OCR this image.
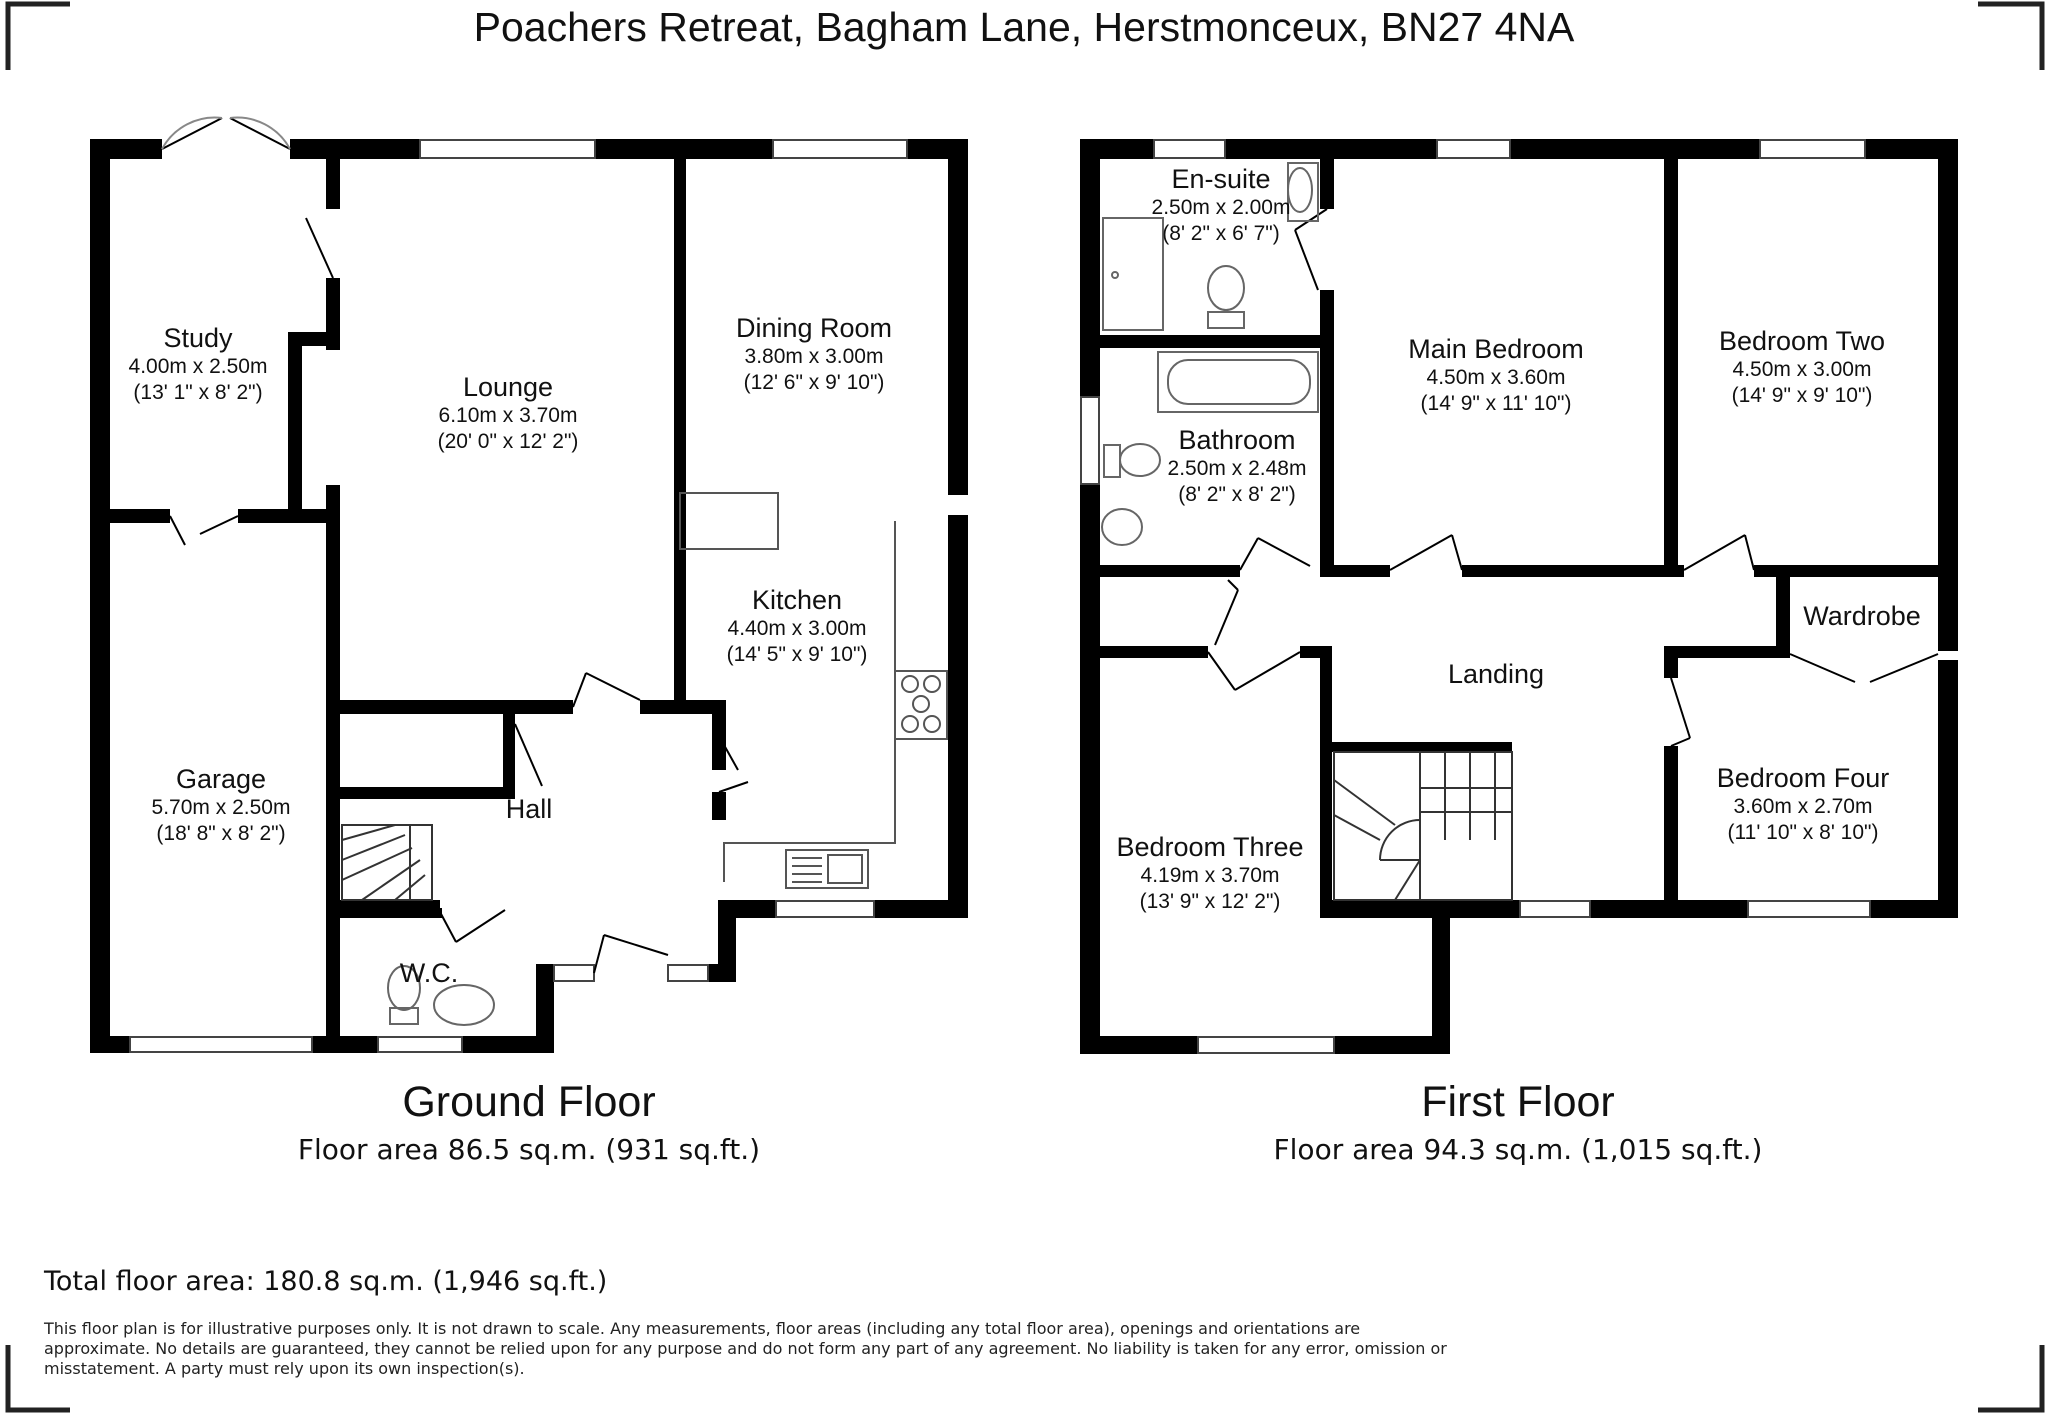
Poachers Retreat, Bagham Lane, Herstmonceux, BN27 4NA
Study
4.00m x 2.50m
(13' 1" x 8' 2")	Lounge
6.10m x 3.70m
(20' 0" x 12' 2")
Dining Room
3.80m x 3.00m
(12' 6" x 9' 10")
Kitchen
4.40m x 3.00m
(14' 5" x 9' 10")
Garage
5.70m x 2.50m
(18' 8" x 8' 2")
Hall
W.C.
En-suite
2.50m x 2.00m
(8' 2" x 6' 7")
Main Bedroom
4.50m x 3.60m
(14' 9" x 11' 10")
Bedroom Two
4.50m x 3.00m
(14' 9" x 9' 10")
Bathroom
2.50m x 2.48m
(8' 2" x 8' 2")
Wardrobe
Landing
Bedroom Three
4.19m x 3.70m
(13' 9" x 12' 2")
Bedroom Four
3.60m x 2.70m
(11' 10" x 8' 10")
Ground Floor
Floor area 86.5 sq.m. (931 sq.ft.)
First Floor
Floor area 94.3 sq.m. (1,015 sq.ft.)
Total floor area: 180.8 sq.m. (1,946 sq.ft.)
This floor plan is for illustrative purposes only. It is not drawn to scale. Any measurements, floor areas (including any total floor area), openings and orientations are approximate. No details are guaranteed, they cannot be relied upon for any purpose and do not form any part of any agreement. No liability is taken for any error, omission or misstatement. A party must rely upon its own inspection(s).
